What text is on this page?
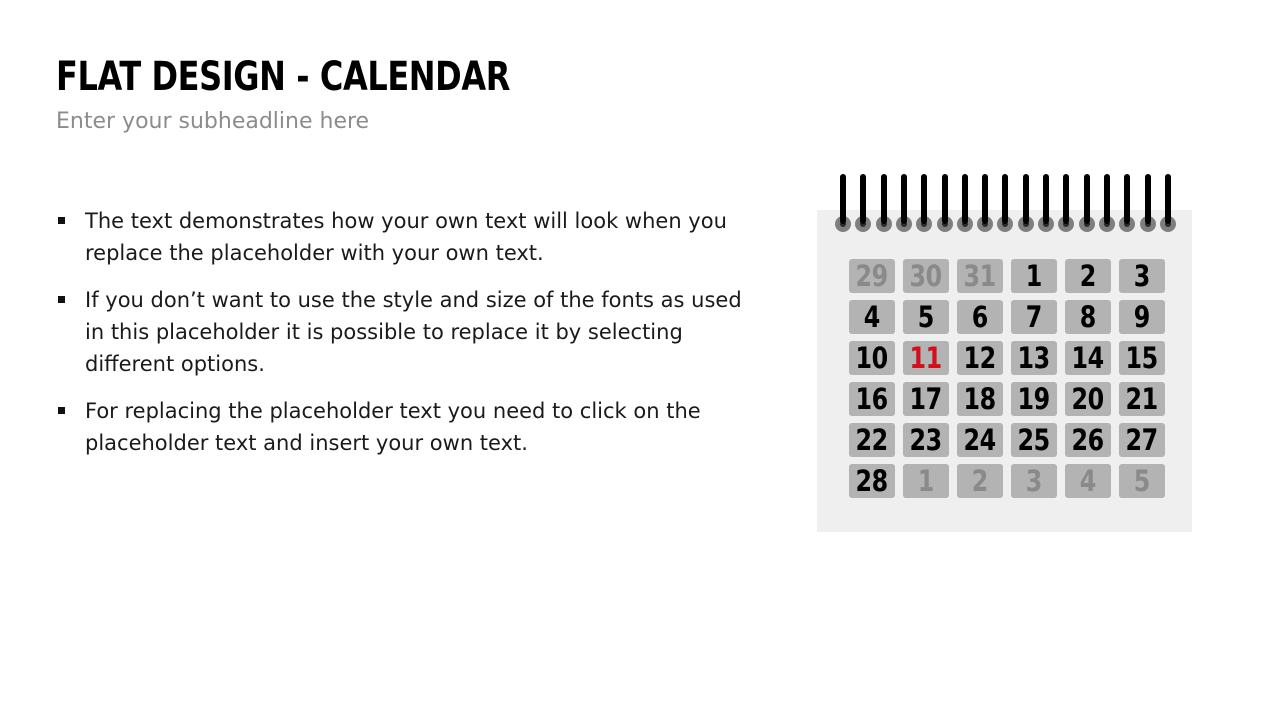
FLAT DESIGN - CALENDAR
Enter your subheadline here
The text demonstrates how your own text will look when you replace the placeholder with your own text.
If you don’t want to use the style and size of the fonts as used in this placeholder it is possible to replace it by selecting different options.
For replacing the placeholder text you need to click on the placeholder text and insert your own text.
29 30 31 1 2 3
4 5 6 7 8 9
10 11 12 13 14 15
16 17 18 19 20 21
22 23 24 25 26 27
28 1 2 3 4 5
